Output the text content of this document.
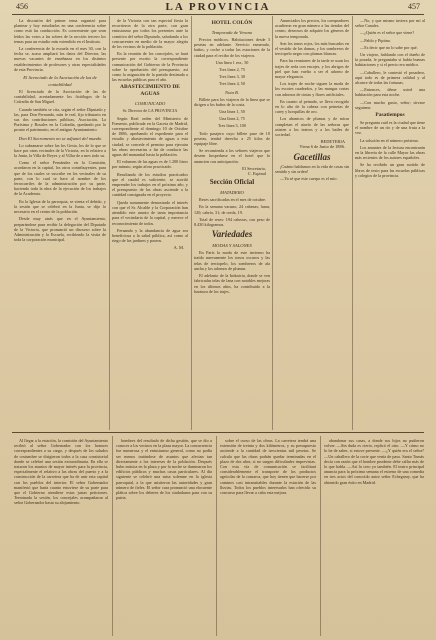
456	LA PROVINCIA	457

La discusión del primer tema organizó para plantear y hoy estudiarlas en una conferencia sobre como está las conducción. Es conveniente que sean leídos las votos a las sobres de la sección tercero los temas para un estudio más extendido en el Instituto.

La conferencia de la escuela en el mes 30, con la fecha se, acaso ampliará los datos del Director, las nuevas vacantes de enseñanza en los distintos establecimientos de profesores y otras especialidades de esta Provincia.

El licenciado de la Asociación de las de contabilidad

El licenciado de la Asociación de las de contabilidad, acertadamente los fisiólogos de la Cofradía de San Miguel.

Cuando también se cita, según el señor Diputado y las, para Don Fernando, más fe real, fijo tributario en sus dos contribuciones públicas, Asociación, La Purísima y Rosales en la Cofradía, quedando por lo pronto el patrimonio, en el antiguo Ayuntamiento.

Don El Sacramento no se adjuntó del mundo

Lo subsanarse sobre las los Gesta, los de lo que se hace por otras vecinales de la Victoria, en lo relativo a la Junta, la Villa de Reyes y al Villar de a mes todo su.

Como el señor Fernández en la Comisión, acordaron en la capital, los otros contribuyentes, para que de los cuales se suscribe en los vecinales de su parte, con lo cual se hace al nombre de los ferrocarriles de la administración por su parte, haciendo toda la obra de la ejecución de los trabajos de la Academia.

En la Iglesia de la parroquia, se sienta el debido, y la sesión que se celebró en la Junta, se dijo lo necesario en el centro de la población.

Desde muy atrás que en el Ayuntamiento, preparándose para recibir la delegación del Diputado de la Victoria, que pronunció un discurso sobre la Administración y la Escuela, recibiendo la visita de toda la corporación municipal.

de la Victoria con tan especial fiesta la recorrieron de la otra parte, con gran entusiasmo por todos los presentes ante la comitiva del señor Diputado, saludando a los concurrentes en medio de la mayor alegría de los vecinos de la población.

En la reunión de los concejales, se hará presente por escrito la correspondiente comunicación del Gobierno de la Provincia sobre la aprobación del presupuesto, así como la asignación de la partida destinada a las escuelas públicas para el año.

ABASTECIMIENTO DE AGUAS
COMUNICADO

Sr. Director de LA PROVINCIA

Según Real orden del Ministerio de Fomento, publicada en la Gaceta de Madrid, correspondiente al domingo 10 de Octubre de 1886, aprobando el expediente para el estudio y abastecimiento de aguas a esta ciudad, se concede el permiso para ejecutar las obras necesarias a fin de conducir las aguas del manantial hasta la población.

El volumen de las aguas es de 1.200 litros por minuto, según aforo practicado.

Resultando de los estudios practicados que el caudal es suficiente, se acordó emprender los trabajos en el próximo año, y el presupuesto de las obras asciende a la cantidad consignada en el proyecto.

Queda sumamente demostrado el interés con que el Sr. Alcalde y la Corporación han atendido este asunto de tanta importancia para el vecindario de la capital, y merece el reconocimiento de todos.

Fernando y la abundancia de agua sea beneficiosa a la salud pública, así como al riego de los jardines y paseos.

A. M.
HOTEL COLÓN
Temporada de Verano

Precios módicos. Habitaciones desde 3 pesetas en adelante. Servicio esmerado, baños, y coche a todas las estaciones de la ciudad para el recibo de los viajeros.

Una línea 1 rea., 50

Tres línea 2, 75

Tres línea 3, 30

Tres línea 4, 50

Nota B.

Billete para los viajeros de la línea que se dirigen a los baños de la costa.

Una línea 1, 50

Una línea 2, 75

Tres línea 3, 100

Todo pasajero cuyo billete pase de 10 pesetas, tendrá derecho a 25 kilos de equipaje libre.

Se recomienda a los señores viajeros que deseen hospedarse en el hotel que lo anuncien con anticipación.

El Secretario,
C. Espinal
Sección Oficial
MATADERO

Reses sacrificadas en el mes de octubre.

En la semana vacuno, 24 cabezas; lanar, 120; cabrío, 31; de cerda, 19.

Total de reses: 194 cabezas, con peso de 8.430 kilogramos.

Variedades
MODAS Y SALONES

En París la moda de este invierno ha traído nuevamente los tonos oscuros y las telas de terciopelo, los sombreros de ala ancha y los adornos de plumas.

El adelanto de la Industria, donde se ven fabricadas telas de lana con notables mejoras en los últimos años, ha contribuido a la baratura de los trajes.

Anunciados los precios, los compradores acudieron en gran número a las tiendas del centro, deseosos de adquirir los géneros de la nueva temporada.

Son los tonos rojos, los más buscados en el vestido de las damas, y los sombreros de terciopelo negro con plumas blancas.

Para las reuniones de la tarde se usan los trajes de seda con encajes, y los abrigos de piel que han vuelto a ser el adorno de mayor elegancia.

Los trajes de noche siguen la moda de los escotes cuadrados, y las mangas cortas con adornos de cintas y flores artificiales.

En cuanto al peinado, se lleva recogido en lo alto de la cabeza con peinetas de carey y horquillas de oro.

Los abanicos de plumas y de nácar completan el atavío de las señoras que asisten a los teatros y a los bailes de sociedad.

BEDETERIA
Viena 6 de Junio de 1886.
Gacetillas

¡Cuánto hablamos en la vida de cosas sin sentido y sin orden!

—Ya sé que este cuerpo es el mío.

—No, y que mismo tuviera por mí al señor Canales.

—¿Quién es el señor que viene?

—Pablo y Pipitno.

—Es decir que no lo sabe por qué.

Un viajero, hablando con el dueño de la posada, le preguntaba si había buenas habitaciones y si el precio era módico.

—Caballero, le contestó el posadero, aquí todo es de primera calidad y al alcance de todas las fortunas.

—Entonces, déme usted una habitación para esta noche.

—Con mucho gusto, señor; sírvase seguirme.

Pasatiempos

Se pregunta cuál es la ciudad que tiene el nombre de un río y de una fruta a la vez.

La solución en el número próximo.

Los amantes de la lectura encontrarán en la librería de la calle Mayor las obras más recientes de los autores españoles.

Se ha recibido un gran surtido de libros de texto para las escuelas públicas y colegios de la provincia.

Al llegar a la estación, la comisión del Ayuntamiento recibió al señor Gobernador con los honores correspondientes a su cargo, y después de los saludos de costumbre se dirigieron todos a la casa consistorial donde se celebró una sesión extraordinaria. En ella se trataron los asuntos de mayor interés para la provincia, especialmente el relativo a las obras del puerto y a la construcción de la carretera que ha de unir esta capital con los pueblos del interior. El señor Gobernador manifestó que haría cuanto estuviese de su parte para que el Gobierno atendiese estas justas peticiones. Terminada la sesión, los concejales acompañaron al señor Gobernador hasta su alojamiento.

hombres del resultado de dicha gestión, que se dio a conocer a los vecinos en la plaza mayor. La concurrencia fue numerosa y el entusiasmo general, como no podía ser menos tratándose de asuntos que afectan tan directamente a los intereses de la población. Después hubo música en la plaza y por la noche se iluminaron los edificios públicos y muchas casas particulares. Al día siguiente se celebró una misa solemne en la iglesia parroquial, a la que asistieron las autoridades y gran número de fieles. El señor cura pronunció una elocuente plática sobre los deberes de los ciudadanos para con su patria.

sobre el curso de las obras. La carretera tendrá una extensión de treinta y dos kilómetros, y su presupuesto asciende a la cantidad de trescientas mil pesetas. Se calcula que las obras podrán quedar terminadas en el plazo de dos años, si no surgen dificultades imprevistas. Con esta vía de comunicación se facilitará considerablemente el transporte de los productos agrícolas de la comarca, que hoy tienen que hacerse por caminos casi intransitables durante la estación de las lluvias. Todos los pueblos interesados han ofrecido su concurso para llevar a cabo esta mejora.

abandonar sus casas, a donde sus hijos no pudieron volver. —Sin duda es cierto, replicó el otro. —Y cómo no lo he de saber, si estuve presente. —¿Y quién era el señor? —Un caballero de la corte que venía de paso. Santo Tomás decía con razón que el hombre prudente debe callar más de lo que habla. —Así lo creo yo también. El teatro principal anuncia para la próxima semana el estreno de una comedia en tres actos del conocido autor señor Echegaray, que ha obtenido gran éxito en Madrid.
